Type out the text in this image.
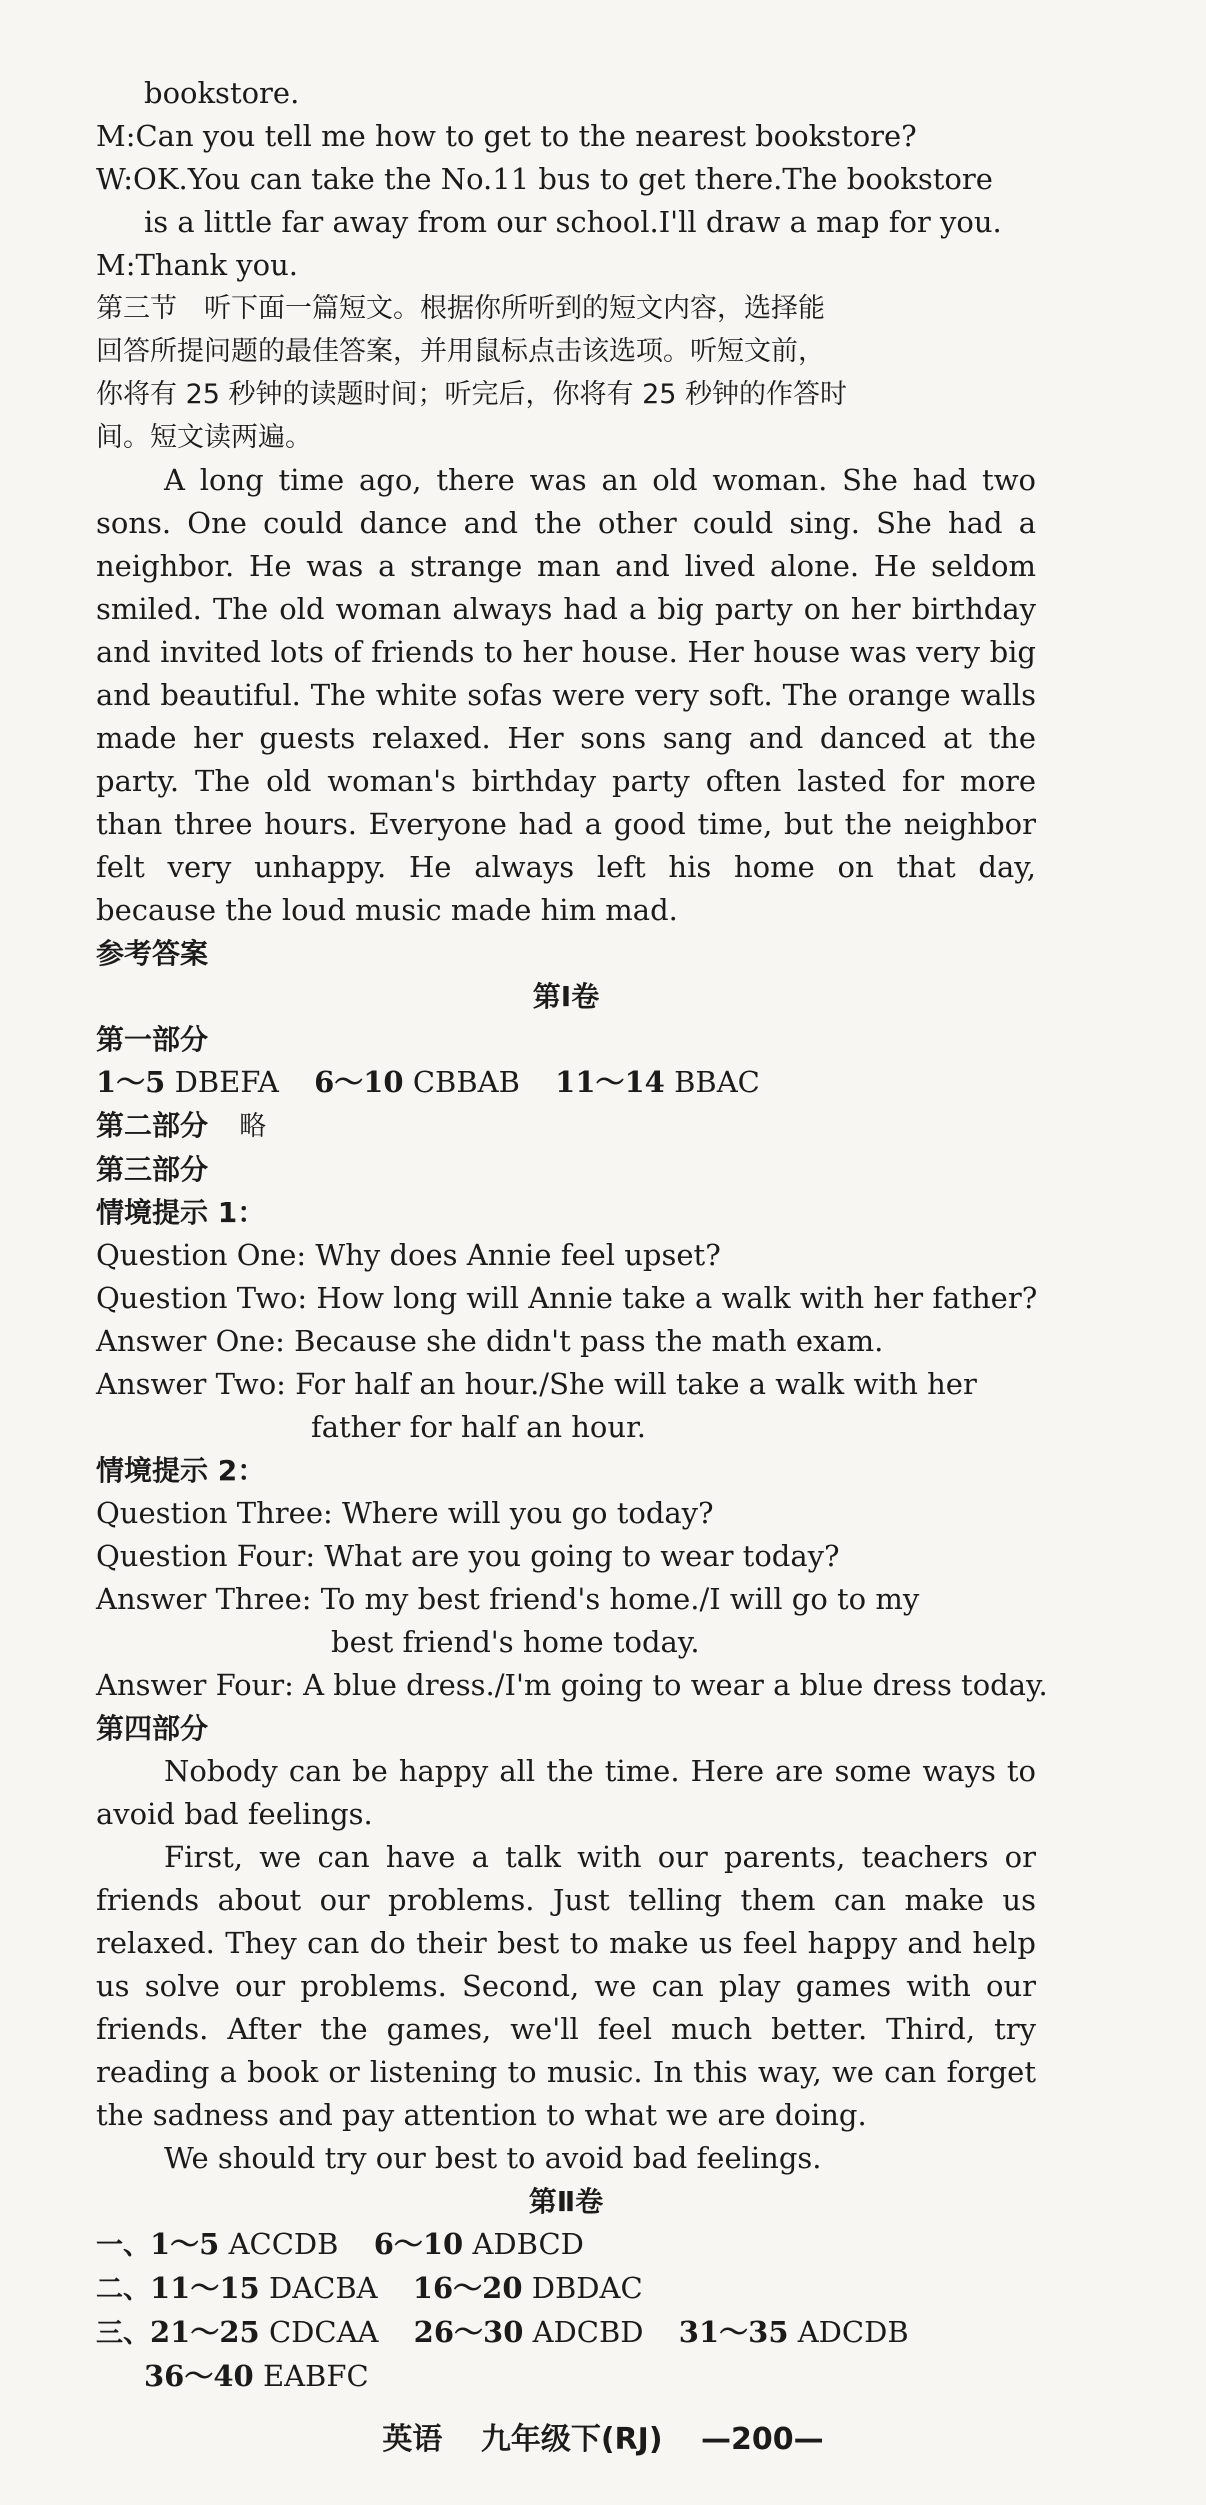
bookstore.
M:Can you tell me how to get to the nearest bookstore?
W:OK.You can take the No.11 bus to get there.The bookstore
is a little far away from our school.I'll draw a map for you.
M:Thank you.
第三节　听下面一篇短文。根据你所听到的短文内容，选择能
回答所提问题的最佳答案，并用鼠标点击该选项。听短文前，
你将有 25 秒钟的读题时间；听完后，你将有 25 秒钟的作答时
间。短文读两遍。
A long time ago, there was an old woman. She had two
sons. One could dance and the other could sing. She had a
neighbor. He was a strange man and lived alone. He seldom
smiled. The old woman always had a big party on her birthday
and invited lots of friends to her house. Her house was very big
and beautiful. The white sofas were very soft. The orange walls
made her guests relaxed. Her sons sang and danced at the
party. The old woman's birthday party often lasted for more
than three hours. Everyone had a good time, but the neighbor
felt very unhappy. He always left his home on that day,
because the loud music made him mad.
参考答案
第Ⅰ卷
第一部分
1～5 DBEFA 6～10 CBBAB 11～14 BBAC
第二部分 略
第三部分
情境提示 1：
Question One: Why does Annie feel upset?
Question Two: How long will Annie take a walk with her father?
Answer One: Because she didn't pass the math exam.
Answer Two: For half an hour./She will take a walk with her
father for half an hour.
情境提示 2：
Question Three: Where will you go today?
Question Four: What are you going to wear today?
Answer Three: To my best friend's home./I will go to my
best friend's home today.
Answer Four: A blue dress./I'm going to wear a blue dress today.
第四部分
Nobody can be happy all the time. Here are some ways to
avoid bad feelings.
First, we can have a talk with our parents, teachers or
friends about our problems. Just telling them can make us
relaxed. They can do their best to make us feel happy and help
us solve our problems. Second, we can play games with our
friends. After the games, we'll feel much better. Third, try
reading a book or listening to music. In this way, we can forget
the sadness and pay attention to what we are doing.
We should try our best to avoid bad feelings.
第Ⅱ卷
一、1～5 ACCDB 6～10 ADBCD
二、11～15 DACBA 16～20 DBDAC
三、21～25 CDCAA 26～30 ADCBD 31～35 ADCDB
36～40 EABFC
英语 九年级下(RJ) —200—
